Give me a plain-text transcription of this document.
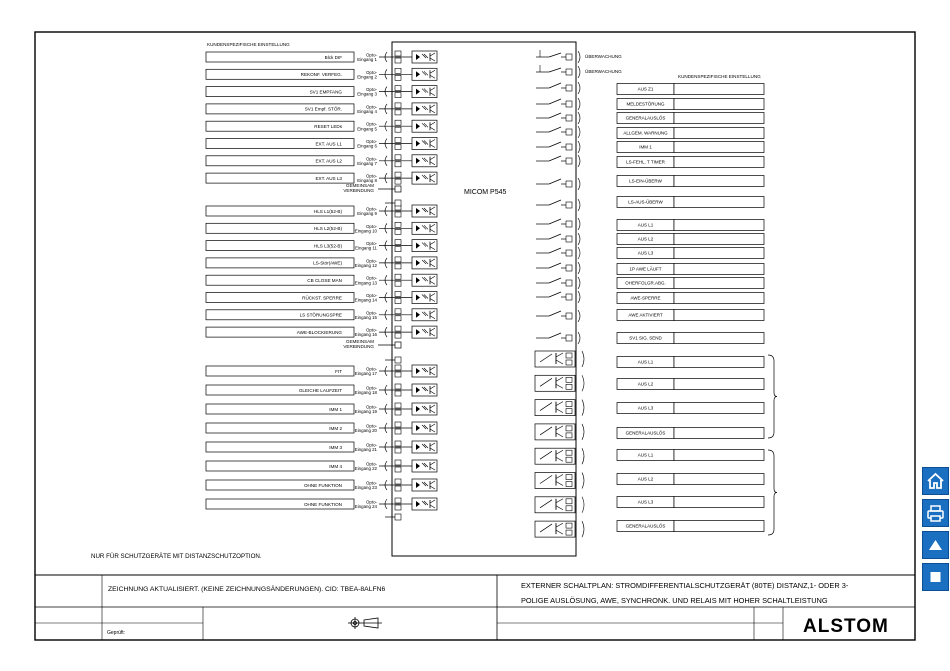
KUNDENSPEZIFISCHE EINSTELLUNG
KUNDENSPEZIFISCHE EINSTELLUNG
ÜBERWACHUNG
ÜBERWACHUNG
MICOM P545
GEMEINSAM VERBINDUNG
GEMEINSAM VERBINDUNG
Blck DIF	Opto-Eingang 1
REKONF. VERFEG.	Opto-Eingang 2
SV1 EMPFANG	Opto-Eingang 3
SV1 Empf. STÖR.	Opto-Eingang 4
RESET LEDs	Opto-Eingang 5
EXT. AUS L1	Opto-Eingang 6
EXT. AUS L2	Opto-Eingang 7
EXT. AUS L3	Opto-Eingang 8
HLS L1(52-B)	Opto-Eingang 9
HLS L2(52-B)	Opto-Eingang 10
HLS L3(52-B)	Opto-Eingang 11
LS-Stör(AWE)	Opto-Eingang 12
CB CLOSE MAN	Opto-Eingang 13
RÜCKST. SPERRE	Opto-Eingang 14
LS STÖRUNGSPRE	Opto-Eingang 15
AWE-BLOCKIERUNG	Opto-Eingang 16
FIT	Opto-Eingang 17
GLEICHE LAUFZEIT	Opto-Eingang 18
IMM 1	Opto-Eingang 19
IMM 2	Opto-Eingang 20
IMM 3	Opto-Eingang 21
IMM 4	Opto-Eingang 22
OHNE FUNKTION	Opto-Eingang 23
OHNE FUNKTION	Opto-Eingang 24
AUS Z1
MELDESTÖRUNG
GENERALAUSLÖS
ALLGEM. WARNUNG
IMM 1
LS-FEHL. T TIMER
LS-EIN-ÜBERW
LS-AUS-ÜBERW
AUS L1
AUS L2
AUS L3
1P AWE LÄUFT
OHERFOLGR.ABG.
AWE-SPERRE
AWE AKTIVIERT
SV1 SIG. SEND
AUS L1
AUS L2
AUS L3
GENERALAUSLÖS
AUS L1
AUS L2
AUS L3
GENERALAUSLÖS
NUR FÜR SCHUTZGERÄTE MIT DISTANZSCHUTZOPTION.
ZEICHNUNG AKTUALISIERT. (KEINE ZEICHNUNGSÄNDERUNGEN). CID: TBEA-8ALFN6	EXTERNER SCHALTPLAN: STROMDIFFERENTIALSCHUTZGERÄT (80TE) DISTANZ,1- ODER 3-
POLIGE AUSLÖSUNG, AWE, SYNCHRONK. UND RELAIS MIT HOHER SCHALTLEISTUNG
Geprüft:	ALSTOM
